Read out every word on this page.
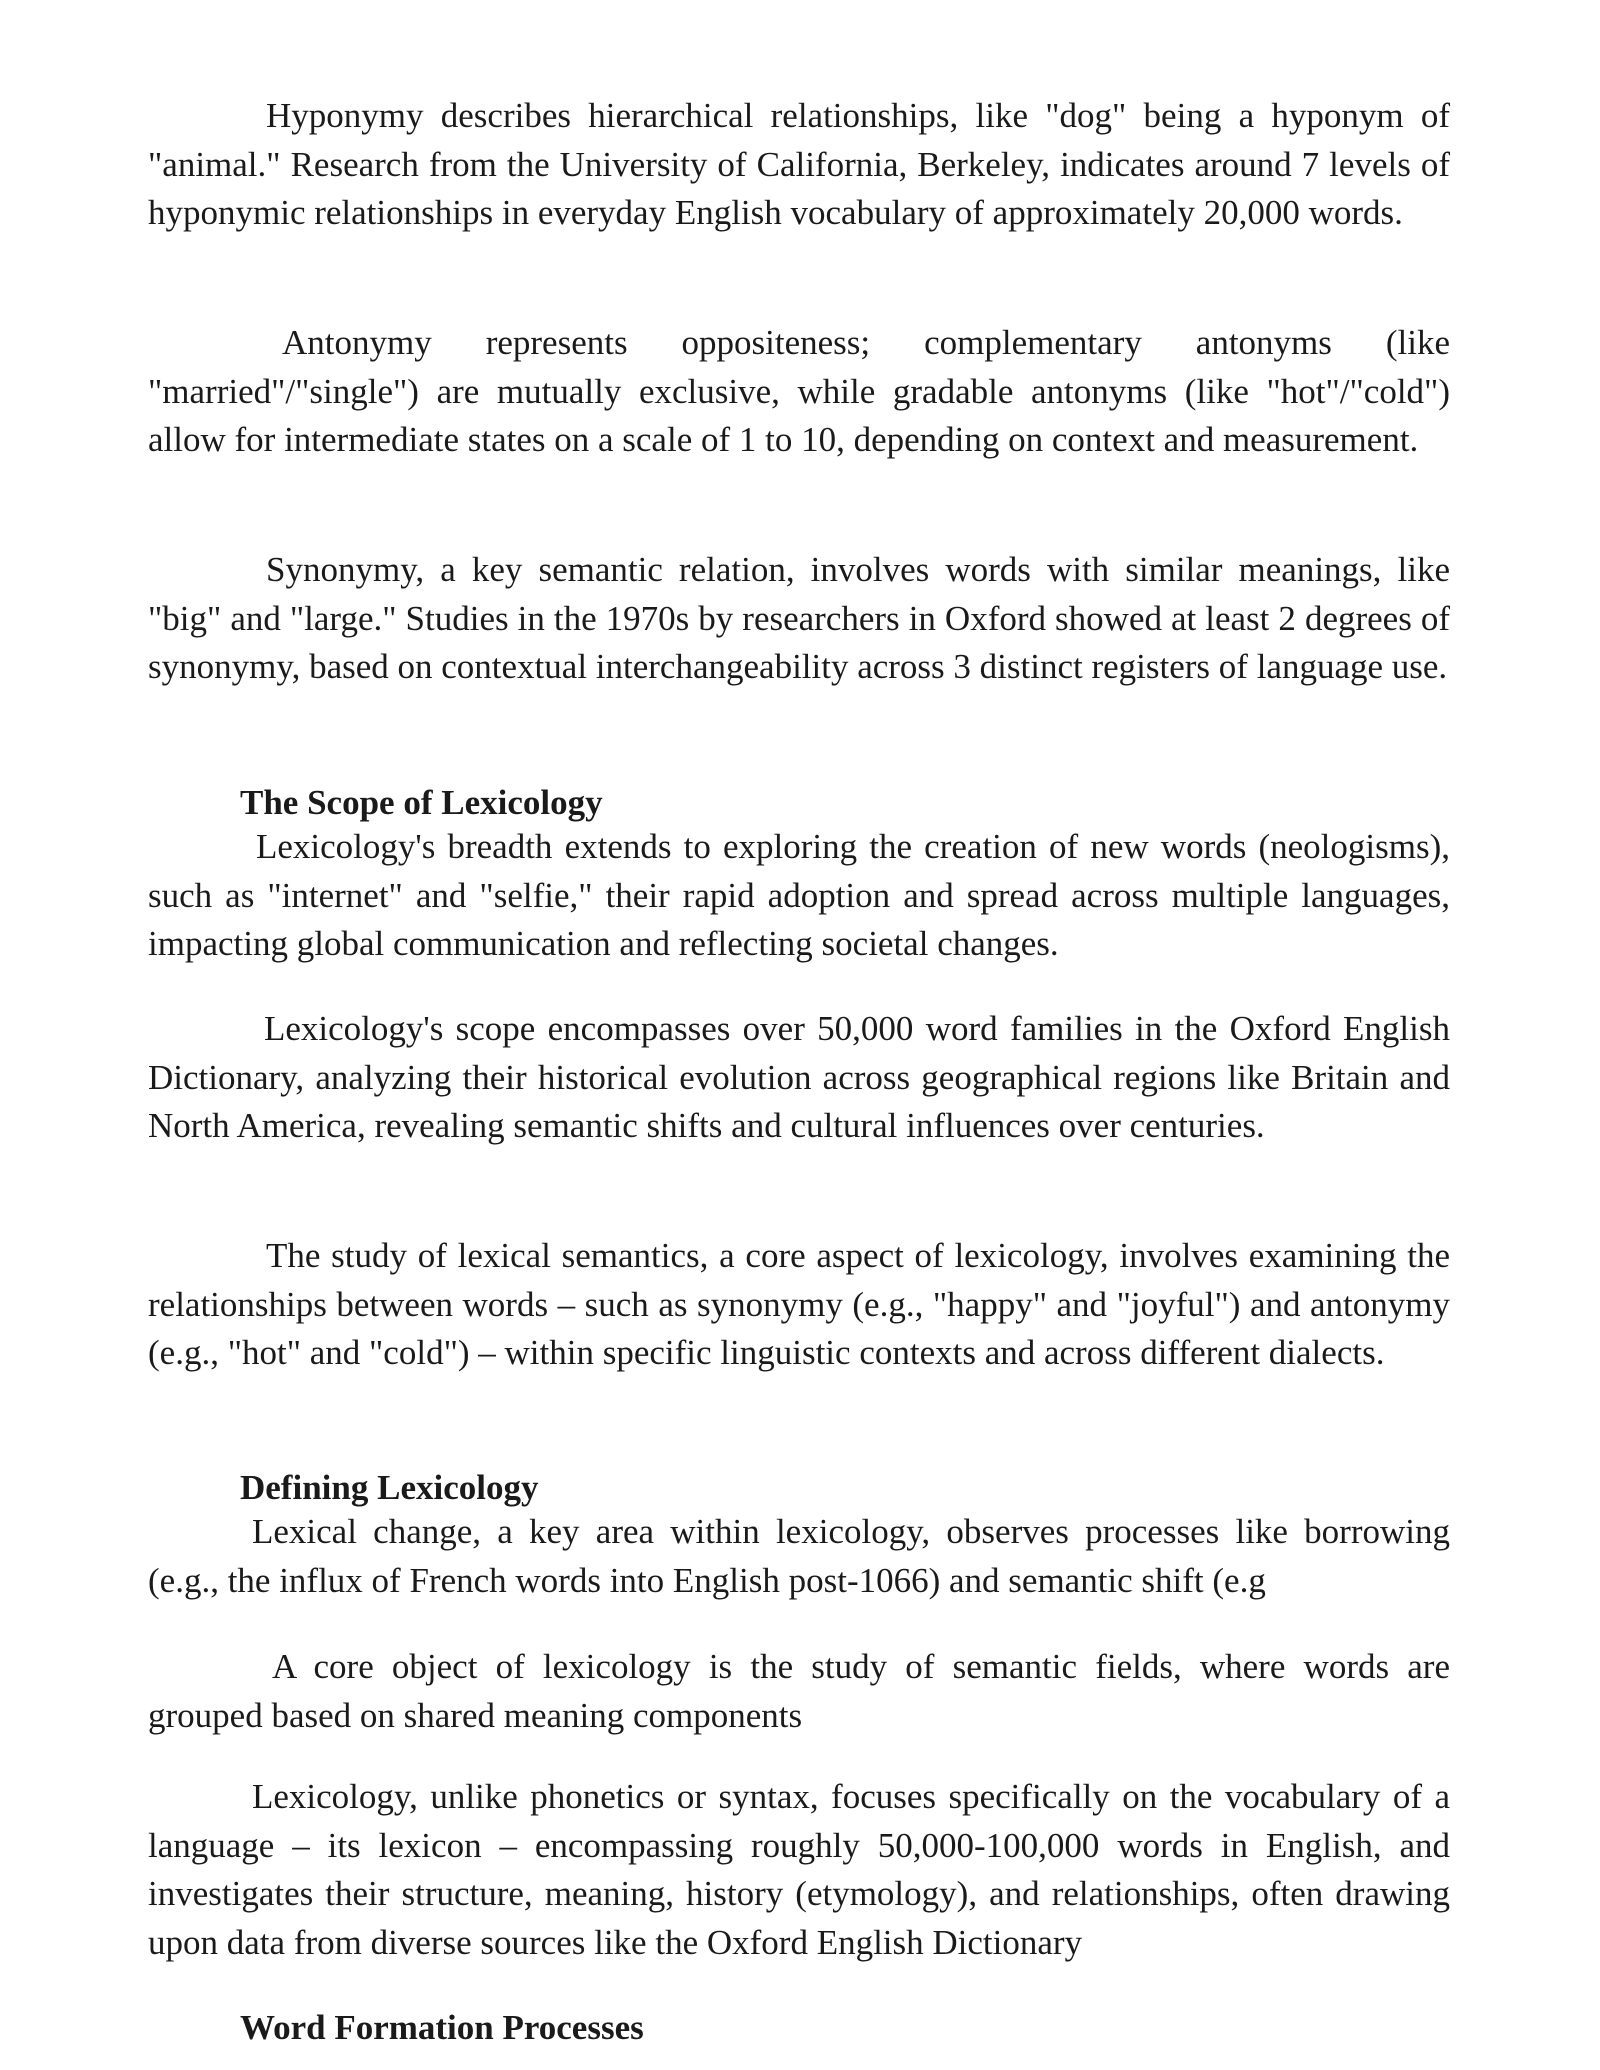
Hyponymy describes hierarchical relationships, like "dog" being a hyponym of "animal." Research from the University of California, Berkeley, indicates around 7 levels of hyponymic relationships in everyday English vocabulary of approximately 20,000 words.

Antonymy represents oppositeness; complementary antonyms (like "married"/"single") are mutually exclusive, while gradable antonyms (like "hot"/"cold") allow for intermediate states on a scale of 1 to 10, depending on context and measurement.

Synonymy, a key semantic relation, involves words with similar meanings, like "big" and "large." Studies in the 1970s by researchers in Oxford showed at least 2 degrees of synonymy, based on contextual interchangeability across 3 distinct registers of language use.

The Scope of Lexicology

Lexicology's breadth extends to exploring the creation of new words (neologisms), such as "internet" and "selfie," their rapid adoption and spread across multiple languages, impacting global communication and reflecting societal changes.

Lexicology's scope encompasses over 50,000 word families in the Oxford English Dictionary, analyzing their historical evolution across geographical regions like Britain and North America, revealing semantic shifts and cultural influences over centuries.

The study of lexical semantics, a core aspect of lexicology, involves examining the relationships between words – such as synonymy (e.g., "happy" and "joyful") and antonymy (e.g., "hot" and "cold") – within specific linguistic contexts and across different dialects.

Defining Lexicology

Lexical change, a key area within lexicology, observes processes like borrowing (e.g., the influx of French words into English post-1066) and semantic shift (e.g

A core object of lexicology is the study of semantic fields, where words are grouped based on shared meaning components

Lexicology, unlike phonetics or syntax, focuses specifically on the vocabulary of a language – its lexicon – encompassing roughly 50,000-100,000 words in English, and investigates their structure, meaning, history (etymology), and relationships, often drawing upon data from diverse sources like the Oxford English Dictionary

Word Formation Processes
